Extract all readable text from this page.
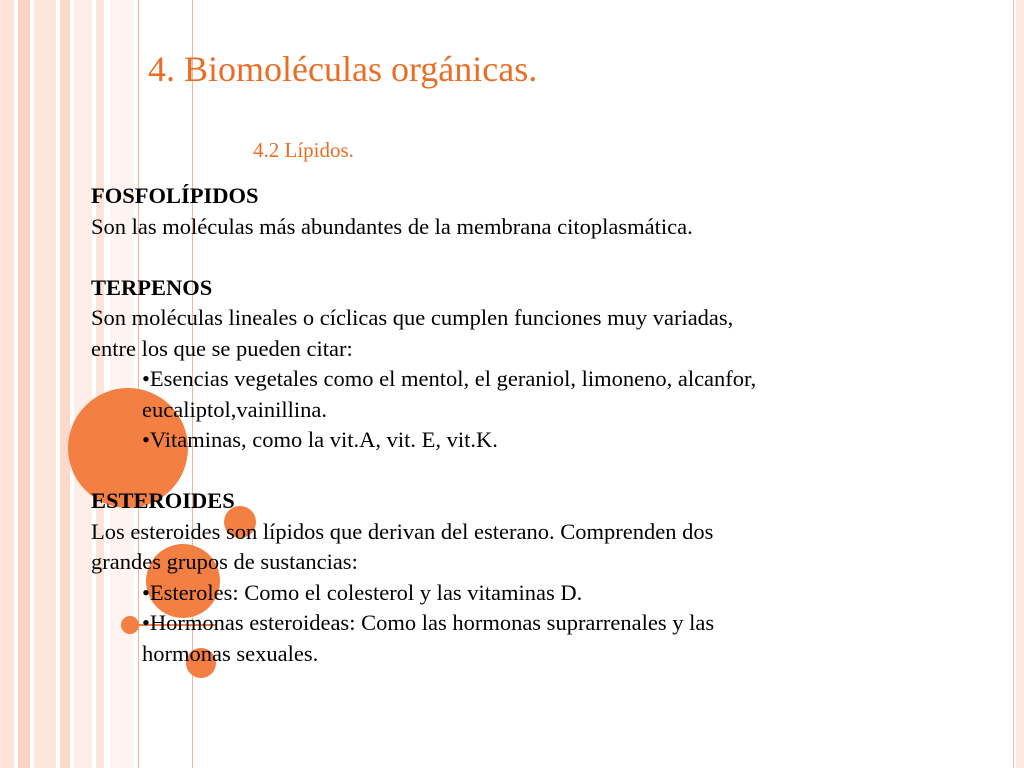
4. Biomoléculas orgánicas.
4.2 Lípidos.

FOSFOLÍPIDOS

Son las moléculas más abundantes de la membrana citoplasmática.

TERPENOS

Son moléculas lineales o cíclicas que cumplen funciones muy variadas,

entre los que se pueden citar:

•Esencias vegetales como el mentol, el geraniol, limoneno, alcanfor,

eucaliptol,vainillina.

•Vitaminas, como la vit.A, vit. E, vit.K.

ESTEROIDES

Los esteroides son lípidos que derivan del esterano. Comprenden dos

grandes grupos de sustancias:

•Esteroles: Como el colesterol y las vitaminas D.

•Hormonas esteroideas: Como las hormonas suprarrenales y las

hormonas sexuales.
